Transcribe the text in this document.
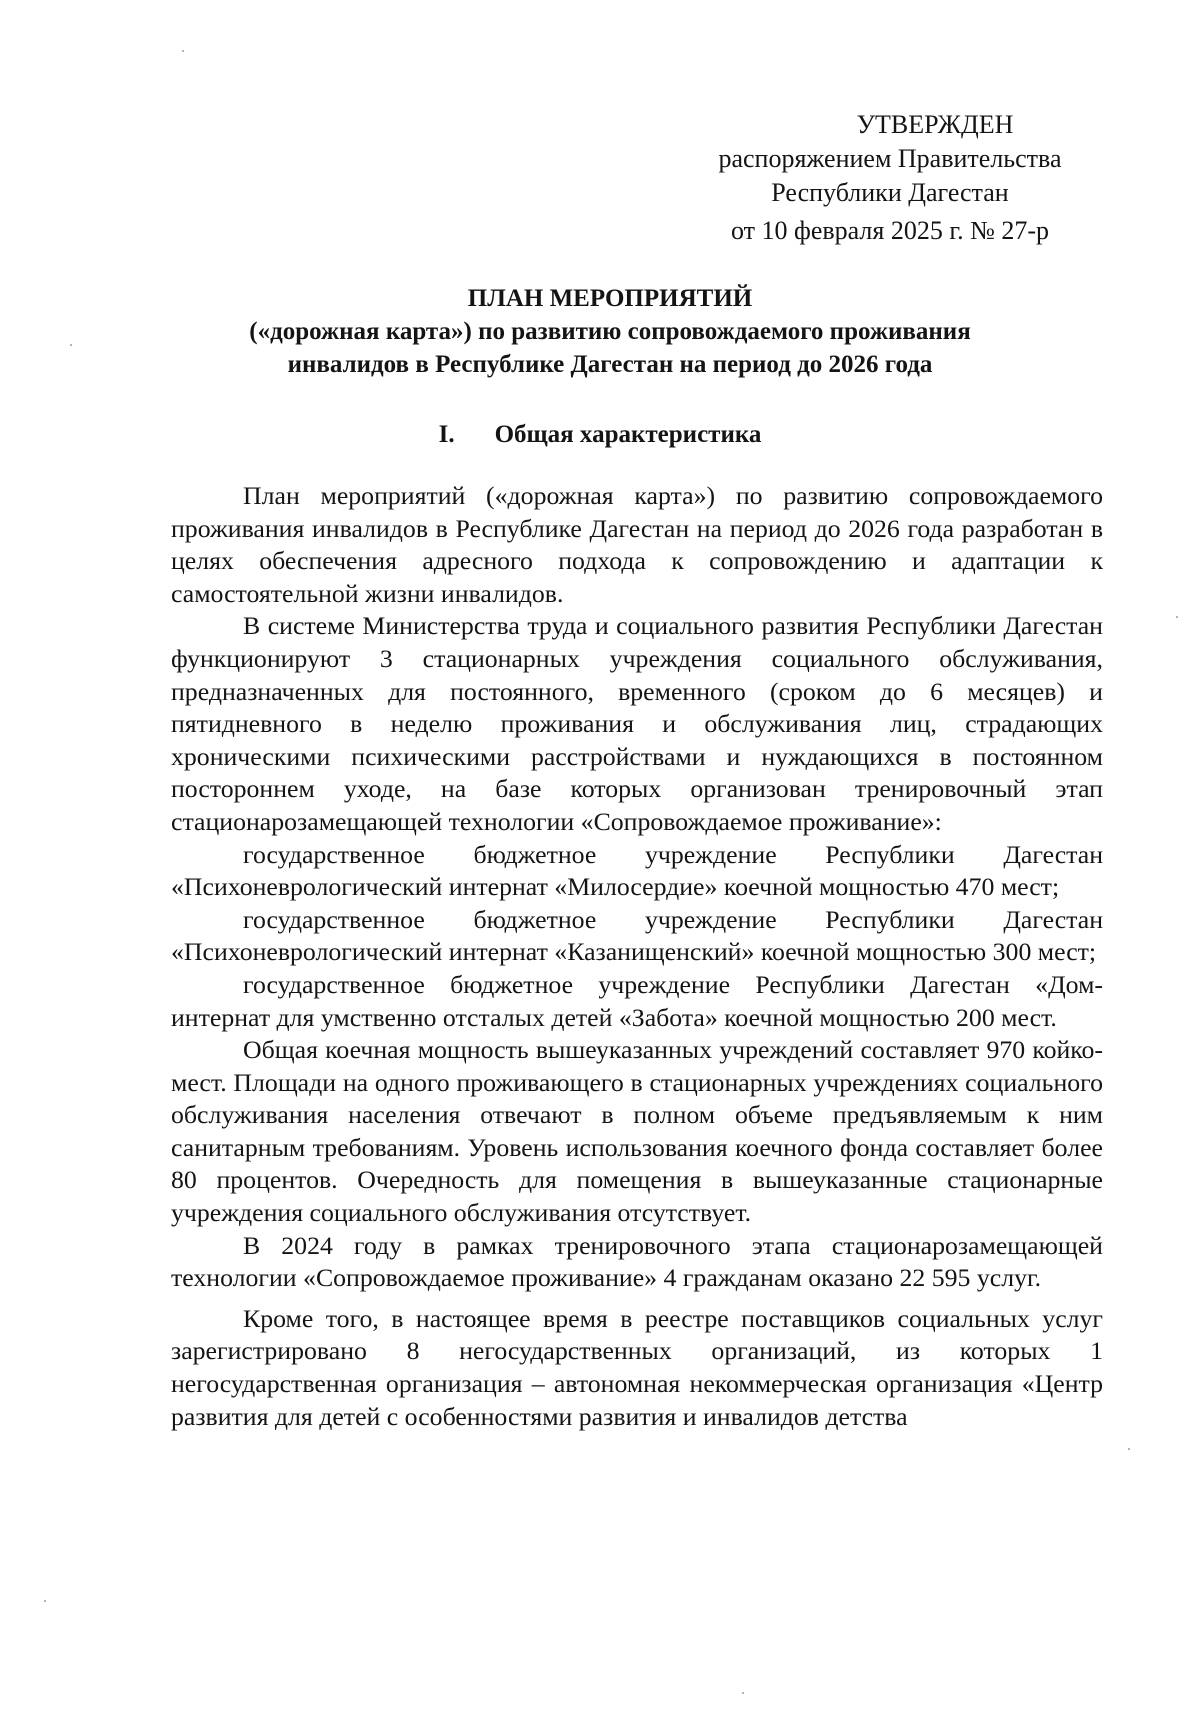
УТВЕРЖДЕН
распоряжением Правительства
Республики Дагестан
от 10 февраля 2025 г. № 27-р
ПЛАН МЕРОПРИЯТИЙ
(«дорожная карта») по развитию сопровождаемого проживания
инвалидов в Республике Дагестан на период до 2026 года
I. Общая характеристика

План мероприятий («дорожная карта») по развитию сопровождаемого проживания инвалидов в Республике Дагестан на период до 2026 года разработан в целях обеспечения адресного подхода к сопровождению и адаптации к самостоятельной жизни инвалидов.

В системе Министерства труда и социального развития Республики Дагестан функционируют 3 стационарных учреждения социального обслуживания, предназначенных для постоянного, временного (сроком до 6 месяцев) и пятидневного в неделю проживания и обслуживания лиц, страдающих хроническими психическими расстройствами и нуждающихся в постоянном постороннем уходе, на базе которых организован тренировочный этап стационарозамещающей технологии «Сопровождаемое проживание»:

государственное бюджетное учреждение Республики Дагестан «Психоневрологический интернат «Милосердие» коечной мощностью 470 мест;

государственное бюджетное учреждение Республики Дагестан «Психоневрологический интернат «Казанищенский» коечной мощностью 300 мест;

государственное бюджетное учреждение Республики Дагестан «Дом-интернат для умственно отсталых детей «Забота» коечной мощностью 200 мест.

Общая коечная мощность вышеуказанных учреждений составляет 970 койко-мест. Площади на одного проживающего в стационарных учреждениях социального обслуживания населения отвечают в полном объеме предъявляемым к ним санитарным требованиям. Уровень использования коечного фонда составляет более 80 процентов. Очередность для помещения в вышеуказанные стационарные учреждения социального обслуживания отсутствует.

В 2024 году в рамках тренировочного этапа стационарозамещающей технологии «Сопровождаемое проживание» 4 гражданам оказано 22 595 услуг.

Кроме того, в настоящее время в реестре поставщиков социальных услуг зарегистрировано 8 негосударственных организаций, из которых 1 негосударственная организация – автономная некоммерческая организация «Центр развития для детей с особенностями развития и инвалидов детства
